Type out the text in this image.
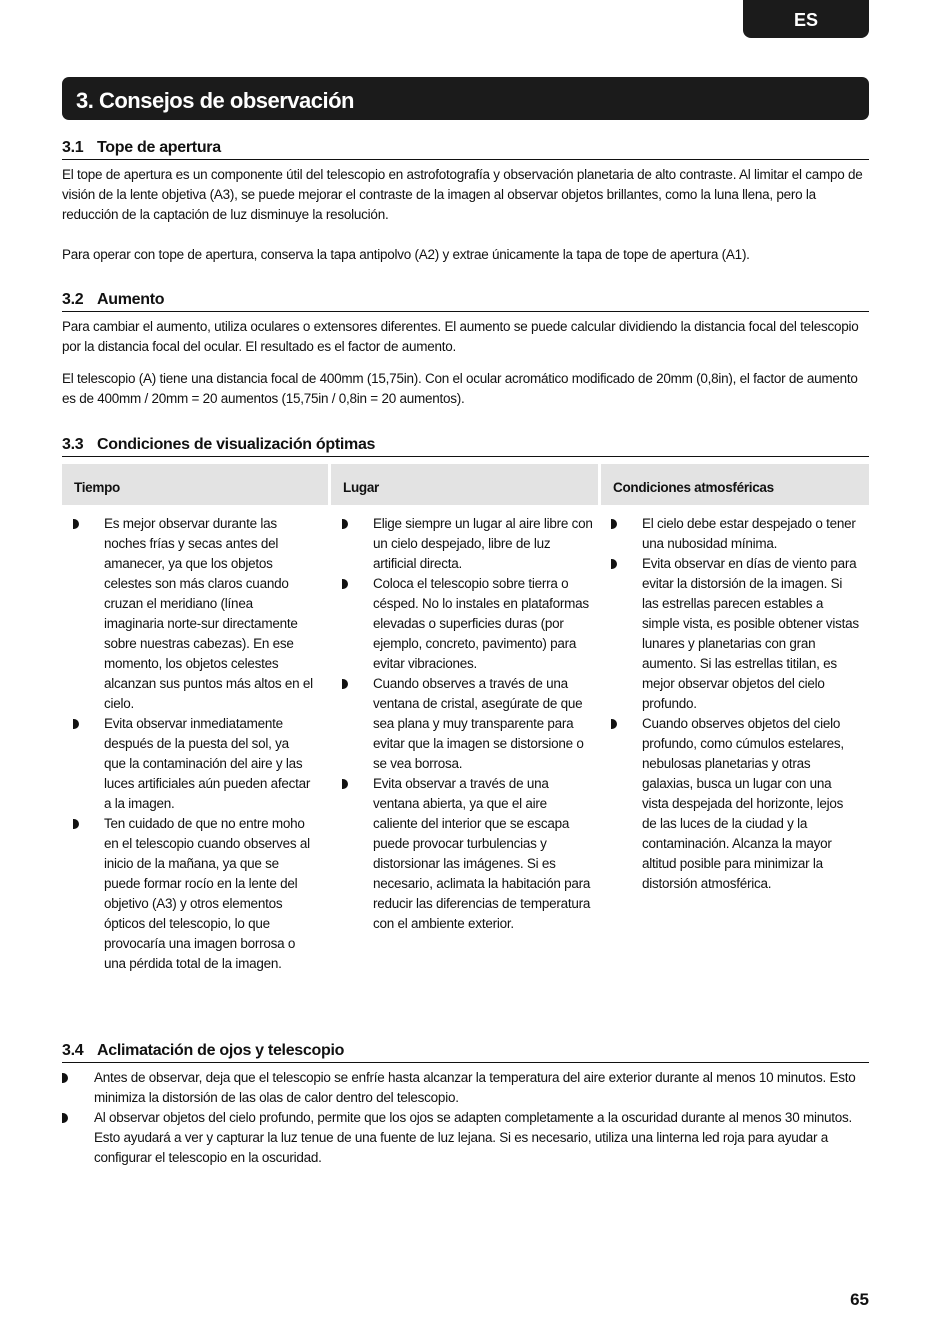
ES
3. Consejos de observación
3.1 Tope de apertura

El tope de apertura es un componente útil del telescopio en astrofotografía y observación planetaria de alto contraste. Al limitar el campo de visión de la lente objetiva (A3), se puede mejorar el contraste de la imagen al observar objetos brillantes, como la luna llena, pero la reducción de la captación de luz disminuye la resolución.

Para operar con tope de apertura, conserva la tapa antipolvo (A2) y extrae únicamente la tapa de tope de apertura (A1).

3.2 Aumento

Para cambiar el aumento, utiliza oculares o extensores diferentes. El aumento se puede calcular dividiendo la distancia focal del telescopio por la distancia focal del ocular. El resultado es el factor de aumento.

El telescopio (A) tiene una distancia focal de 400mm (15,75in). Con el ocular acromático modificado de 20mm (0,8in), el factor de aumento es de 400mm / 20mm = 20 aumentos (15,75in / 0,8in = 20 aumentos).

3.3 Condiciones de visualización óptimas
Tiempo	Lugar	Condiciones atmosféricas
Es mejor observar durante las noches frías y secas antes del amanecer, ya que los objetos celestes son más claros cuando cruzan el meridiano (línea imaginaria norte-sur directamente sobre nuestras cabezas). En ese momento, los objetos celestes alcanzan sus puntos más altos en el cielo.
Evita observar inmediatamente después de la puesta del sol, ya que la contaminación del aire y las luces artificiales aún pueden afectar a la imagen.
Ten cuidado de que no entre moho en el telescopio cuando observes al inicio de la mañana, ya que se puede formar rocío en la lente del objetivo (A3) y otros elementos ópticos del telescopio, lo que provocaría una imagen borrosa o una pérdida total de la imagen.
Elige siempre un lugar al aire libre con un cielo despejado, libre de luz artificial directa.
Coloca el telescopio sobre tierra o césped. No lo instales en plataformas elevadas o superficies duras (por ejemplo, concreto, pavimento) para evitar vibraciones.
Cuando observes a través de una ventana de cristal, asegúrate de que sea plana y muy transparente para evitar que la imagen se distorsione o se vea borrosa.
Evita observar a través de una ventana abierta, ya que el aire caliente del interior que se escapa puede provocar turbulencias y distorsionar las imágenes. Si es necesario, aclimata la habitación para reducir las diferencias de temperatura con el ambiente exterior.
El cielo debe estar despejado o tener una nubosidad mínima.
Evita observar en días de viento para evitar la distorsión de la imagen. Si las estrellas parecen estables a simple vista, es posible obtener vistas lunares y planetarias con gran aumento. Si las estrellas titilan, es mejor observar objetos del cielo profundo.
Cuando observes objetos del cielo profundo, como cúmulos estelares, nebulosas planetarias y otras galaxias, busca un lugar con una vista despejada del horizonte, lejos de las luces de la ciudad y la contaminación. Alcanza la mayor altitud posible para minimizar la distorsión atmosférica.
3.4 Aclimatación de ojos y telescopio
Antes de observar, deja que el telescopio se enfríe hasta alcanzar la temperatura del aire exterior durante al menos 10 minutos. Esto minimiza la distorsión de las olas de calor dentro del telescopio.
Al observar objetos del cielo profundo, permite que los ojos se adapten completamente a la oscuridad durante al menos 30 minutos. Esto ayudará a ver y capturar la luz tenue de una fuente de luz lejana. Si es necesario, utiliza una linterna led roja para ayudar a configurar el telescopio en la oscuridad.
65
